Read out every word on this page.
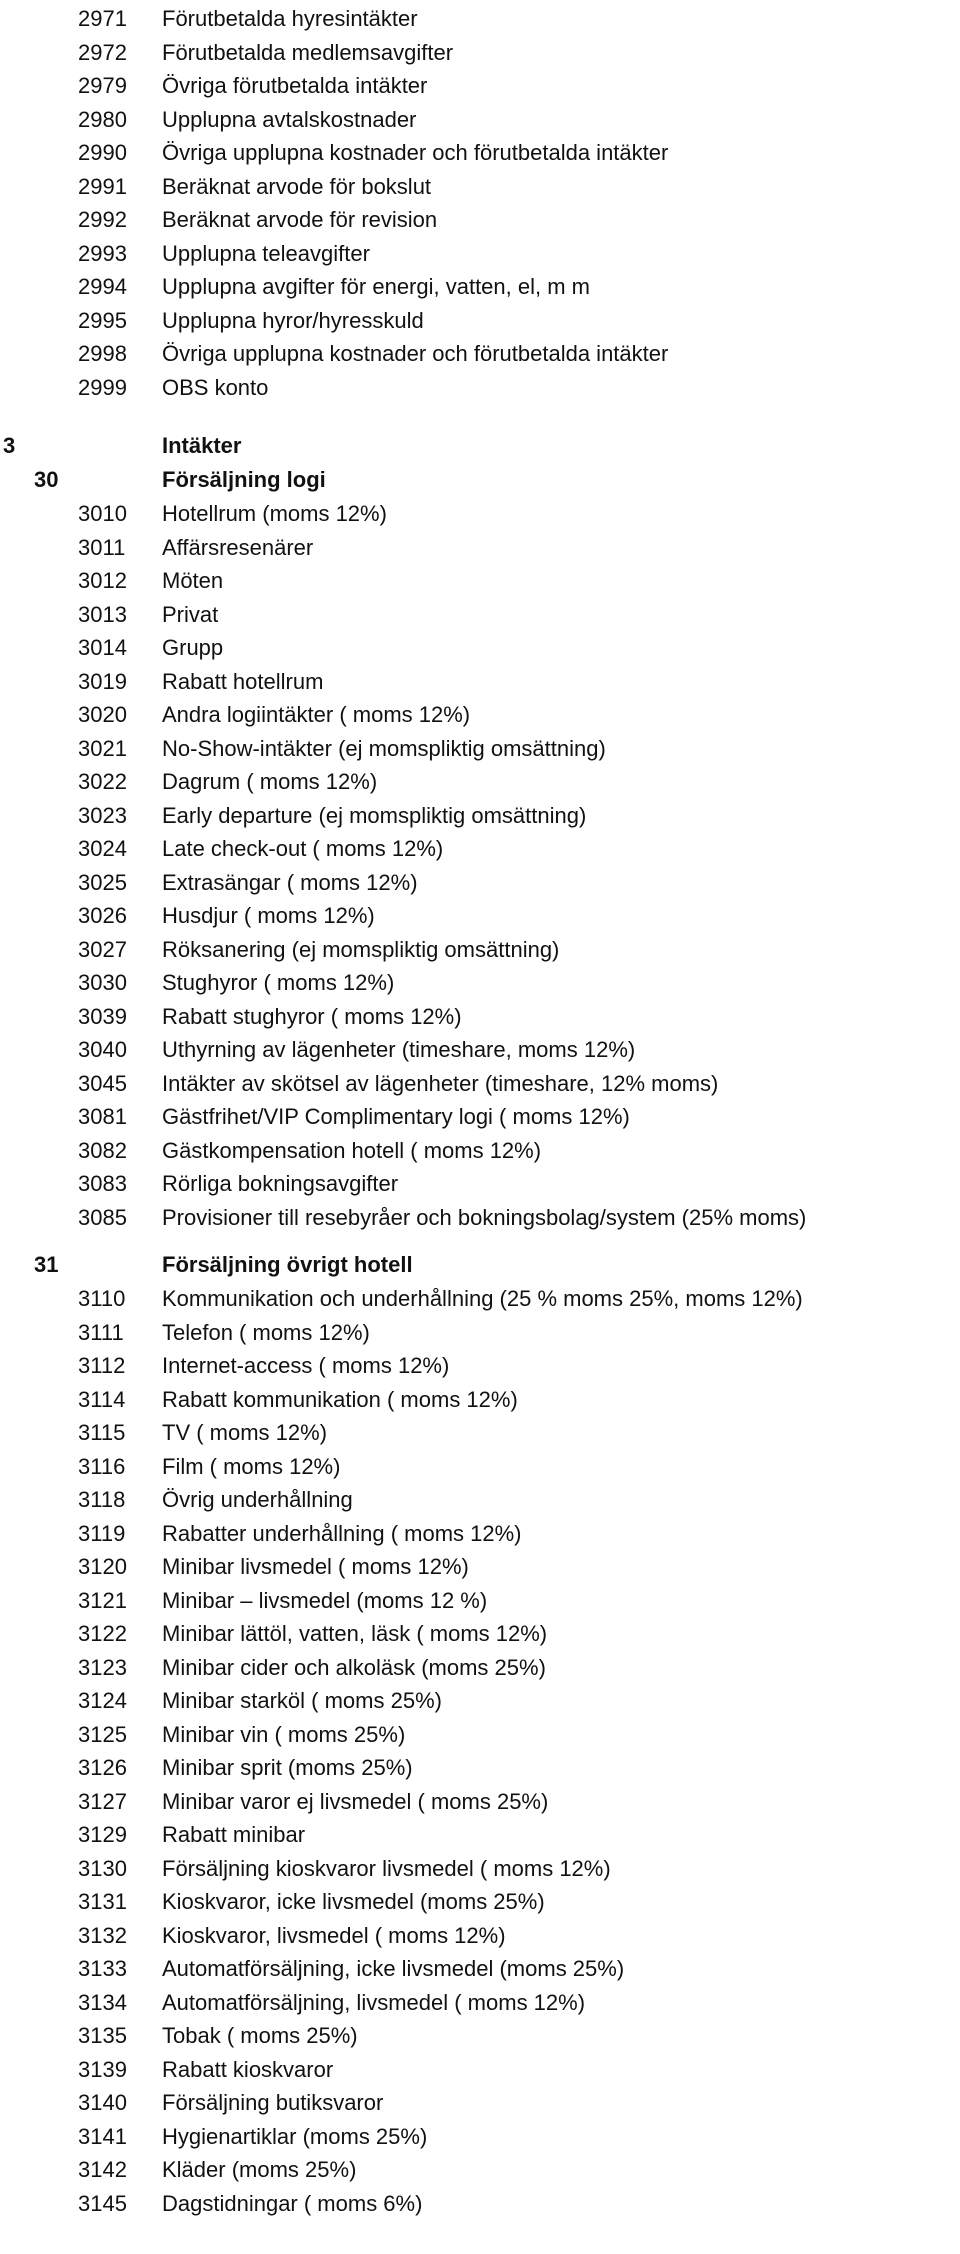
2971 Förutbetalda hyresintäkter
2972 Förutbetalda medlemsavgifter
2979 Övriga förutbetalda intäkter
2980 Upplupna avtalskostnader
2990 Övriga upplupna kostnader och förutbetalda intäkter
2991 Beräknat arvode för bokslut
2992 Beräknat arvode för revision
2993 Upplupna teleavgifter
2994 Upplupna avgifter för energi, vatten, el, m m
2995 Upplupna hyror/hyresskuld
2998 Övriga upplupna kostnader och förutbetalda intäkter
2999 OBS konto
3	Intäkter
30	Försäljning logi
3010 Hotellrum (moms 12%)
3011 Affärsresenärer
3012 Möten
3013 Privat
3014 Grupp
3019 Rabatt hotellrum
3020 Andra logiintäkter ( moms 12%)
3021 No-Show-intäkter (ej momspliktig omsättning)
3022 Dagrum ( moms 12%)
3023 Early departure (ej momspliktig omsättning)
3024 Late check-out ( moms 12%)
3025 Extrasängar ( moms 12%)
3026 Husdjur ( moms 12%)
3027 Röksanering (ej momspliktig omsättning)
3030 Stughyror ( moms 12%)
3039 Rabatt stughyror ( moms 12%)
3040 Uthyrning av lägenheter (timeshare, moms 12%)
3045 Intäkter av skötsel av lägenheter (timeshare, 12% moms)
3081 Gästfrihet/VIP Complimentary logi ( moms 12%)
3082 Gästkompensation hotell ( moms 12%)
3083 Rörliga bokningsavgifter
3085 Provisioner till resebyråer och bokningsbolag/system (25% moms)
31	Försäljning övrigt hotell
3110 Kommunikation och underhållning (25 % moms 25%, moms 12%)
3111 Telefon ( moms 12%)
3112 Internet-access ( moms 12%)
3114 Rabatt kommunikation ( moms 12%)
3115 TV ( moms 12%)
3116 Film ( moms 12%)
3118 Övrig underhållning
3119 Rabatter underhållning ( moms 12%)
3120 Minibar livsmedel ( moms 12%)
3121 Minibar – livsmedel (moms 12 %)
3122 Minibar lättöl, vatten, läsk ( moms 12%)
3123 Minibar cider och alkoläsk (moms 25%)
3124 Minibar starköl ( moms 25%)
3125 Minibar vin ( moms 25%)
3126 Minibar sprit (moms 25%)
3127 Minibar varor ej livsmedel ( moms 25%)
3129 Rabatt minibar
3130 Försäljning kioskvaror livsmedel ( moms 12%)
3131 Kioskvaror, icke livsmedel (moms 25%)
3132 Kioskvaror, livsmedel ( moms 12%)
3133 Automatförsäljning, icke livsmedel (moms 25%)
3134 Automatförsäljning, livsmedel ( moms 12%)
3135 Tobak ( moms 25%)
3139 Rabatt kioskvaror
3140 Försäljning butiksvaror
3141 Hygienartiklar (moms 25%)
3142 Kläder (moms 25%)
3145 Dagstidningar ( moms 6%)
